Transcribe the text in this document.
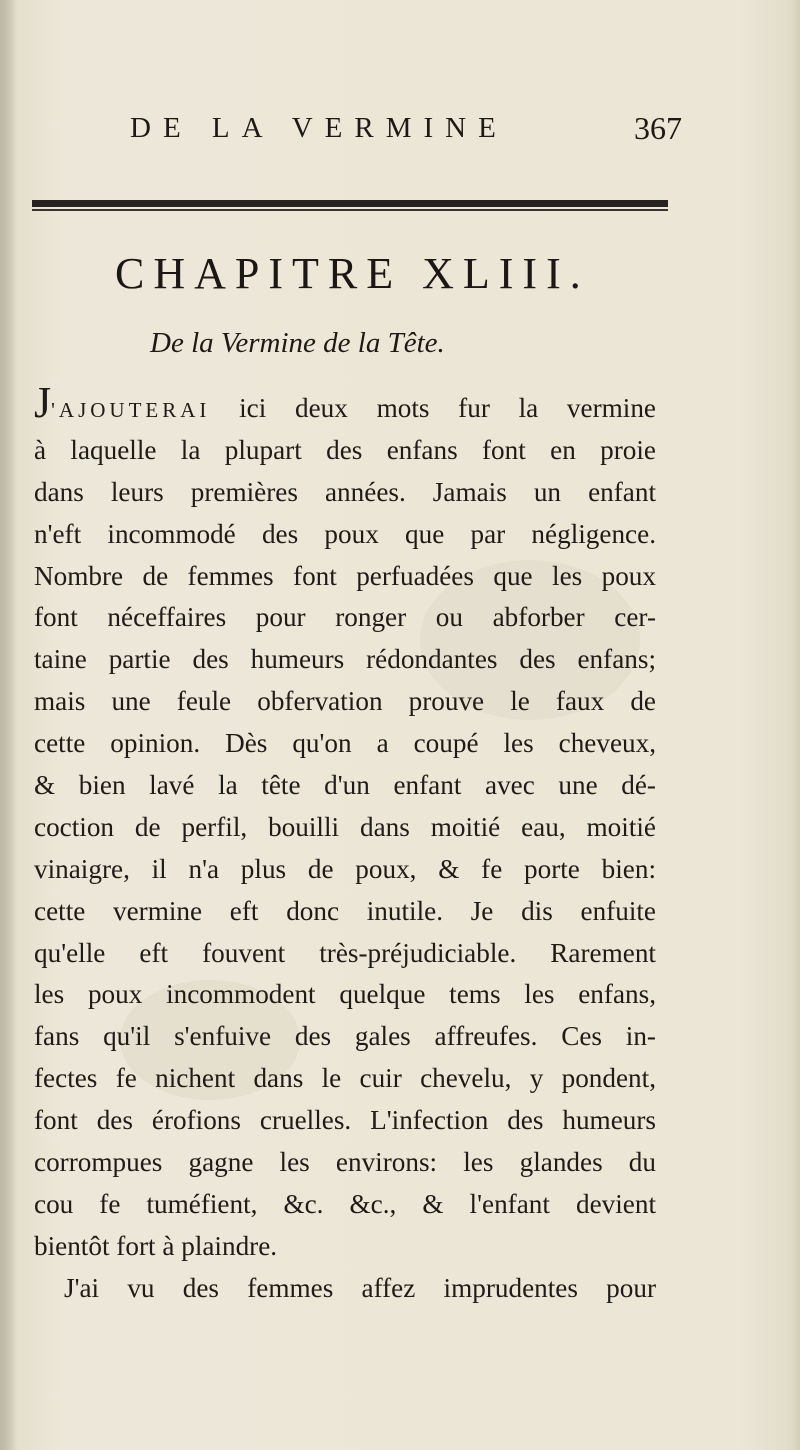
DE LA VERMINE	367
CHAPITRE XLIII.
De la Vermine de la Tête.
J'AJOUTERAI ici deux mots fur la vermine
à laquelle la plupart des enfans font en proie
dans leurs premières années. Jamais un enfant
n'eft incommodé des poux que par négligence.
Nombre de femmes font perfuadées que les poux
font néceffaires pour ronger ou abforber cer-
taine partie des humeurs rédondantes des enfans;
mais une feule obfervation prouve le faux de
cette opinion. Dès qu'on a coupé les cheveux,
& bien lavé la tête d'un enfant avec une dé-
coction de perfil, bouilli dans moitié eau, moitié
vinaigre, il n'a plus de poux, & fe porte bien:
cette vermine eft donc inutile. Je dis enfuite
qu'elle eft fouvent très-préjudiciable. Rarement
les poux incommodent quelque tems les enfans,
fans qu'il s'enfuive des gales affreufes. Ces in-
fectes fe nichent dans le cuir chevelu, y pondent,
font des érofions cruelles. L'infection des humeurs
corrompues gagne les environs: les glandes du
cou fe tuméfient, &c. &c., & l'enfant devient
bientôt fort à plaindre.
J'ai vu des femmes affez imprudentes pour
